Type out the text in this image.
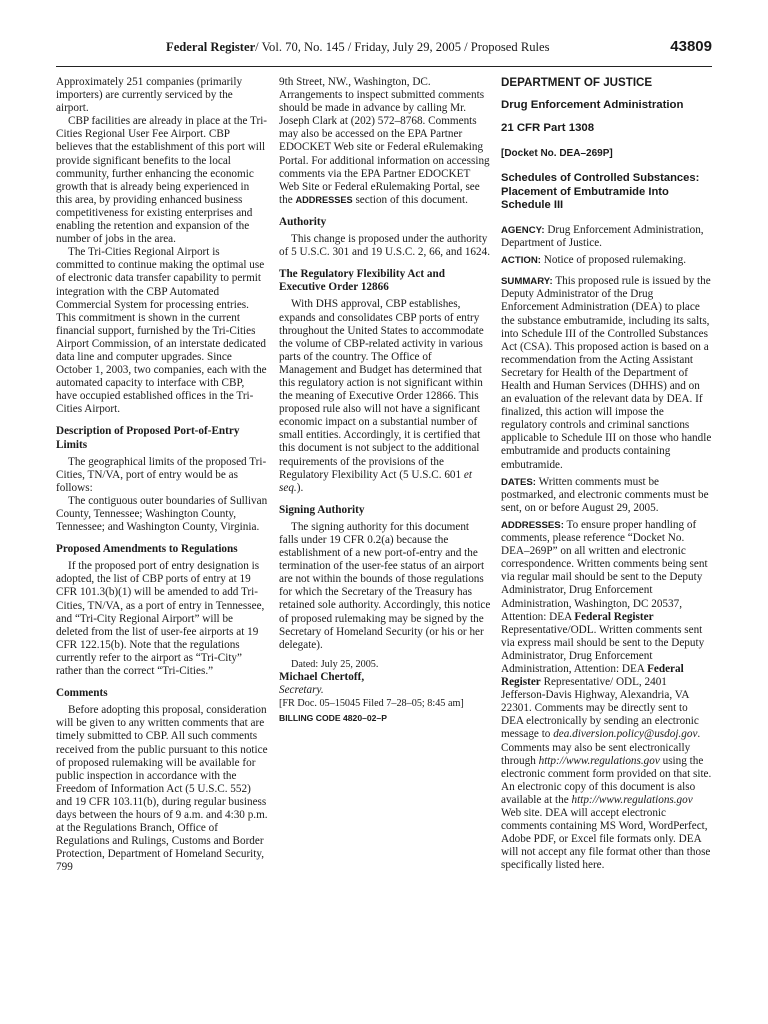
Federal Register/ Vol. 70, No. 145 / Friday, July 29, 2005 / Proposed Rules	43809

Approximately 251 companies (primarily importers) are currently serviced by the airport.

CBP facilities are already in place at the Tri-Cities Regional User Fee Airport. CBP believes that the establishment of this port will provide significant benefits to the local community, further enhancing the economic growth that is already being experienced in this area, by providing enhanced business competitiveness for existing enterprises and enabling the retention and expansion of the number of jobs in the area.

The Tri-Cities Regional Airport is committed to continue making the optimal use of electronic data transfer capability to permit integration with the CBP Automated Commercial System for processing entries. This commitment is shown in the current financial support, furnished by the Tri-Cities Airport Commission, of an interstate dedicated data line and computer upgrades. Since October 1, 2003, two companies, each with the automated capacity to interface with CBP, have occupied established offices in the Tri-Cities Airport.

Description of Proposed Port-of-Entry Limits

The geographical limits of the proposed Tri-Cities, TN/VA, port of entry would be as follows:

The contiguous outer boundaries of Sullivan County, Tennessee; Washington County, Tennessee; and Washington County, Virginia.

Proposed Amendments to Regulations

If the proposed port of entry designation is adopted, the list of CBP ports of entry at 19 CFR 101.3(b)(1) will be amended to add Tri-Cities, TN/VA, as a port of entry in Tennessee, and “Tri-City Regional Airport” will be deleted from the list of user-fee airports at 19 CFR 122.15(b). Note that the regulations currently refer to the airport as “Tri-City” rather than the correct “Tri-Cities.”

Comments

Before adopting this proposal, consideration will be given to any written comments that are timely submitted to CBP. All such comments received from the public pursuant to this notice of proposed rulemaking will be available for public inspection in accordance with the Freedom of Information Act (5 U.S.C. 552) and 19 CFR 103.11(b), during regular business days between the hours of 9 a.m. and 4:30 p.m. at the Regulations Branch, Office of Regulations and Rulings, Customs and Border Protection, Department of Homeland Security, 799

9th Street, NW., Washington, DC. Arrangements to inspect submitted comments should be made in advance by calling Mr. Joseph Clark at (202) 572–8768. Comments may also be accessed on the EPA Partner EDOCKET Web site or Federal eRulemaking Portal. For additional information on accessing comments via the EPA Partner EDOCKET Web Site or Federal eRulemaking Portal, see the ADDRESSES section of this document.

Authority

This change is proposed under the authority of 5 U.S.C. 301 and 19 U.S.C. 2, 66, and 1624.

The Regulatory Flexibility Act and Executive Order 12866

With DHS approval, CBP establishes, expands and consolidates CBP ports of entry throughout the United States to accommodate the volume of CBP-related activity in various parts of the country. The Office of Management and Budget has determined that this regulatory action is not significant within the meaning of Executive Order 12866. This proposed rule also will not have a significant economic impact on a substantial number of small entities. Accordingly, it is certified that this document is not subject to the additional requirements of the provisions of the Regulatory Flexibility Act (5 U.S.C. 601 et seq.).

Signing Authority

The signing authority for this document falls under 19 CFR 0.2(a) because the establishment of a new port-of-entry and the termination of the user-fee status of an airport are not within the bounds of those regulations for which the Secretary of the Treasury has retained sole authority. Accordingly, this notice of proposed rulemaking may be signed by the Secretary of Homeland Security (or his or her delegate).

Dated: July 25, 2005.

Michael Chertoff,

Secretary.

[FR Doc. 05–15045 Filed 7–28–05; 8:45 am]

BILLING CODE 4820–02–P

DEPARTMENT OF JUSTICE

Drug Enforcement Administration

21 CFR Part 1308

[Docket No. DEA–269P]

Schedules of Controlled Substances: Placement of Embutramide Into Schedule III

AGENCY: Drug Enforcement Administration, Department of Justice.

ACTION: Notice of proposed rulemaking.

SUMMARY: This proposed rule is issued by the Deputy Administrator of the Drug Enforcement Administration (DEA) to place the substance embutramide, including its salts, into Schedule III of the Controlled Substances Act (CSA). This proposed action is based on a recommendation from the Acting Assistant Secretary for Health of the Department of Health and Human Services (DHHS) and on an evaluation of the relevant data by DEA. If finalized, this action will impose the regulatory controls and criminal sanctions applicable to Schedule III on those who handle embutramide and products containing embutramide.

DATES: Written comments must be postmarked, and electronic comments must be sent, on or before August 29, 2005.

ADDRESSES: To ensure proper handling of comments, please reference “Docket No. DEA–269P” on all written and electronic correspondence. Written comments being sent via regular mail should be sent to the Deputy Administrator, Drug Enforcement Administration, Washington, DC 20537, Attention: DEA Federal Register Representative/ODL. Written comments sent via express mail should be sent to the Deputy Administrator, Drug Enforcement Administration, Attention: DEA Federal Register Representative/ ODL, 2401 Jefferson-Davis Highway, Alexandria, VA 22301. Comments may be directly sent to DEA electronically by sending an electronic message to dea.diversion.policy@usdoj.gov. Comments may also be sent electronically through http://www.regulations.gov using the electronic comment form provided on that site. An electronic copy of this document is also available at the http://www.regulations.gov Web site. DEA will accept electronic comments containing MS Word, WordPerfect, Adobe PDF, or Excel file formats only. DEA will not accept any file format other than those specifically listed here.
